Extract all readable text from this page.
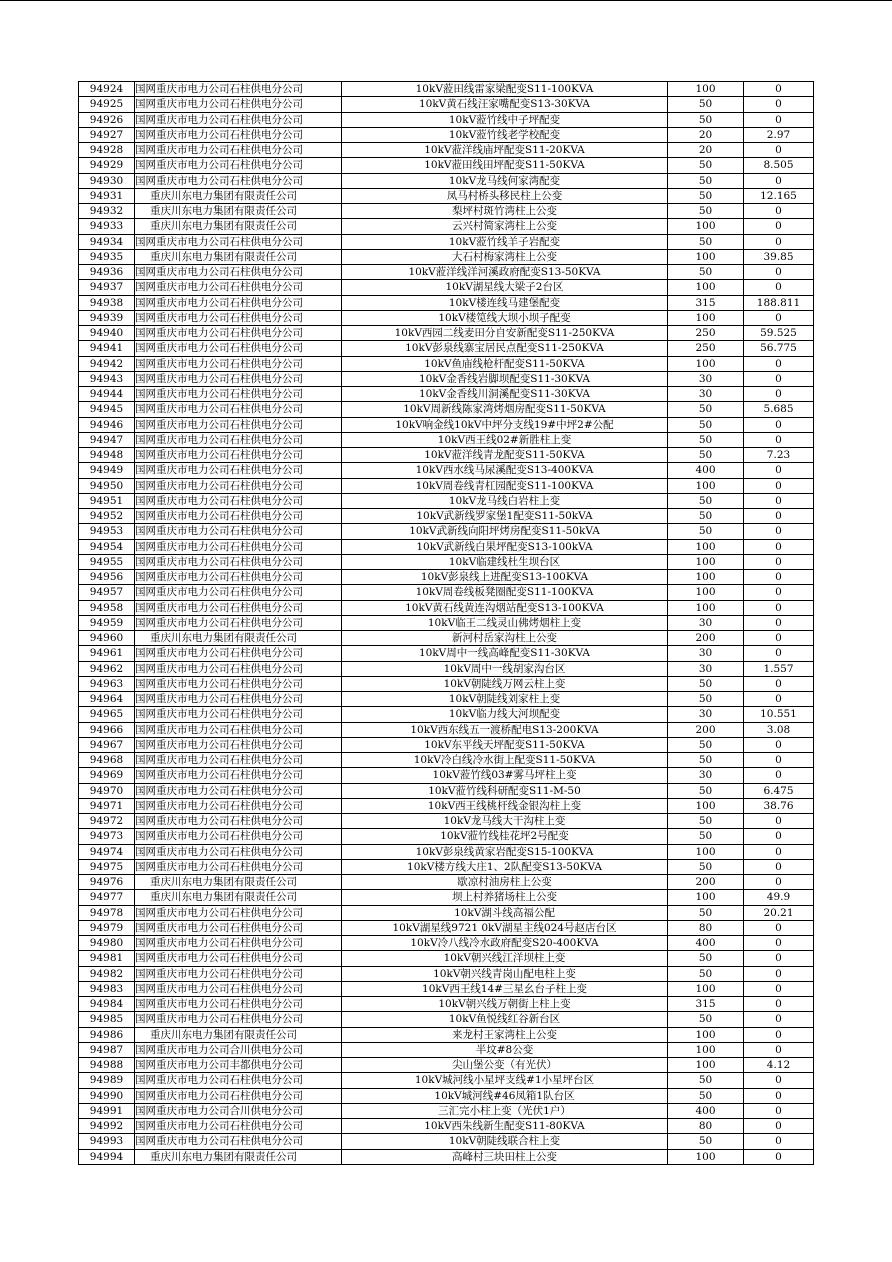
94924	国网重庆市电力公司石柱供电分公司	10kV蒞田线雷家梁配变S11-100KVA	100	0
94925	国网重庆市电力公司石柱供电分公司	10kV黄石线汪家嘴配变S13-30KVA	50	0
94926	国网重庆市电力公司石柱供电分公司	10kV蒞竹线中子坪配变	50	0
94927	国网重庆市电力公司石柱供电分公司	10kV蒞竹线老学校配变	20	2.97
94928	国网重庆市电力公司石柱供电分公司	10kV蒞洋线庙坪配变S11-20KVA	20	0
94929	国网重庆市电力公司石柱供电分公司	10kV蒞田线田坪配变S11-50KVA	50	8.505
94930	国网重庆市电力公司石柱供电分公司	10kV龙马线何家湾配变	50	0
94931	重庆川东电力集团有限责任公司	凤马村桥头移民柱上公变	50	12.165
94932	重庆川东电力集团有限责任公司	梨坪村斑竹湾柱上公变	50	0
94933	重庆川东电力集团有限责任公司	云兴村简家湾柱上公变	100	0
94934	国网重庆市电力公司石柱供电分公司	10kV蒞竹线羊子岩配变	50	0
94935	重庆川东电力集团有限责任公司	大石村梅家湾柱上公变	100	39.85
94936	国网重庆市电力公司石柱供电分公司	10kV蒞洋线洋河溪政府配变S13-50KVA	50	0
94937	国网重庆市电力公司石柱供电分公司	10kV湖星线大梁子2台区	100	0
94938	国网重庆市电力公司石柱供电分公司	10kV楼连线马建堡配变	315	188.811
94939	国网重庆市电力公司石柱供电分公司	10kV楼笕线大坝小坝子配变	100	0
94940	国网重庆市电力公司石柱供电分公司	10kV西园二线麦田分自安新配变S11-250KVA	250	59.525
94941	国网重庆市电力公司石柱供电分公司	10kV彭泉线寨宝居民点配变S11-250KVA	250	56.775
94942	国网重庆市电力公司石柱供电分公司	10kV鱼庙线枪杆配变S11-50KVA	100	0
94943	国网重庆市电力公司石柱供电分公司	10kV金香线岩脚坝配变S11-30KVA	30	0
94944	国网重庆市电力公司石柱供电分公司	10kV金香线川洞溪配变S11-30KVA	30	0
94945	国网重庆市电力公司石柱供电分公司	10kV周新线陈家湾烤烟房配变S11-50KVA	50	5.685
94946	国网重庆市电力公司石柱供电分公司	10kV响金线10kV中坪分支线19#中坪2#公配	50	0
94947	国网重庆市电力公司石柱供电分公司	10kV西王线02#新胜柱上变	50	0
94948	国网重庆市电力公司石柱供电分公司	10kV蒞洋线青龙配变S11-50KVA	50	7.23
94949	国网重庆市电力公司石柱供电分公司	10kV西水线马尿溪配变S13-400KVA	400	0
94950	国网重庆市电力公司石柱供电分公司	10kV周卷线青杠园配变S11-100KVA	100	0
94951	国网重庆市电力公司石柱供电分公司	10kV龙马线白岩柱上变	50	0
94952	国网重庆市电力公司石柱供电分公司	10kV武新线罗家堡1配变S11-50kVA	50	0
94953	国网重庆市电力公司石柱供电分公司	10kV武新线向阳坪烤房配变S11-50kVA	50	0
94954	国网重庆市电力公司石柱供电分公司	10kV武新线白果坪配变S13-100kVA	100	0
94955	国网重庆市电力公司石柱供电分公司	10kV临建线杜生坝台区	100	0
94956	国网重庆市电力公司石柱供电分公司	10kV彭泉线上进配变S13-100KVA	100	0
94957	国网重庆市电力公司石柱供电分公司	10kV周卷线板凳圈配变S11-100KVA	100	0
94958	国网重庆市电力公司石柱供电分公司	10kV黄石线黄连沟烟站配变S13-100KVA	100	0
94959	国网重庆市电力公司石柱供电分公司	10kV临王二线灵山佛烤烟柱上变	30	0
94960	重庆川东电力集团有限责任公司	新河村岳家沟柱上公变	200	0
94961	国网重庆市电力公司石柱供电分公司	10kV周中一线高峰配变S11-30KVA	30	0
94962	国网重庆市电力公司石柱供电分公司	10kV周中一线胡家沟台区	30	1.557
94963	国网重庆市电力公司石柱供电分公司	10kV朝陡线万网云柱上变	50	0
94964	国网重庆市电力公司石柱供电分公司	10kV朝陡线刘家柱上变	50	0
94965	国网重庆市电力公司石柱供电分公司	10kV临力线大河坝配变	30	10.551
94966	国网重庆市电力公司石柱供电分公司	10kV西东线五一渡桥配电S13-200KVA	200	3.08
94967	国网重庆市电力公司石柱供电分公司	10kV东平线天坪配变S11-50KVA	50	0
94968	国网重庆市电力公司石柱供电分公司	10kV冷白线冷水街上配变S11-50KVA	50	0
94969	国网重庆市电力公司石柱供电分公司	10kV蒞竹线03#雾马坪柱上变	30	0
94970	国网重庆市电力公司石柱供电分公司	10kV蒞竹线科研配变S11-M-50	50	6.475
94971	国网重庆市电力公司石柱供电分公司	10kV西王线桃杆线金银沟柱上变	100	38.76
94972	国网重庆市电力公司石柱供电分公司	10kV龙马线大干沟柱上变	50	0
94973	国网重庆市电力公司石柱供电分公司	10kV蒞竹线桂花坪2号配变	50	0
94974	国网重庆市电力公司石柱供电分公司	10kV彭泉线黄家岩配变S15-100KVA	100	0
94975	国网重庆市电力公司石柱供电分公司	10kV楼方线大庄1、2队配变S13-50KVA	50	0
94976	重庆川东电力集团有限责任公司	歇凉村油房柱上公变	200	0
94977	重庆川东电力集团有限责任公司	坝上村养猪场柱上公变	100	49.9
94978	国网重庆市电力公司石柱供电分公司	10kV湖斗线高福公配	50	20.21
94979	国网重庆市电力公司石柱供电分公司	10kV湖星线9721 0kV湖星主线024号赵店台区	80	0
94980	国网重庆市电力公司石柱供电分公司	10kV冷八线冷水政府配变S20-400KVA	400	0
94981	国网重庆市电力公司石柱供电分公司	10kV朝兴线江洋坝柱上变	50	0
94982	国网重庆市电力公司石柱供电分公司	10kV朝兴线青岗山配电柱上变	50	0
94983	国网重庆市电力公司石柱供电分公司	10kV西王线14#三星幺台子柱上变	100	0
94984	国网重庆市电力公司石柱供电分公司	10kV朝兴线万朝街上柱上变	315	0
94985	国网重庆市电力公司石柱供电分公司	10kV鱼悦线红谷新台区	50	0
94986	重庆川东电力集团有限责任公司	来龙村王家湾柱上公变	100	0
94987	国网重庆市电力公司合川供电分公司	半坟#8公变	100	0
94988	国网重庆市电力公司丰都供电分公司	尖山堡公变（有光伏）	100	4.12
94989	国网重庆市电力公司石柱供电分公司	10kV城河线小星坪支线#1小星坪台区	50	0
94990	国网重庆市电力公司石柱供电分公司	10kV城河线#46凤箱1队台区	50	0
94991	国网重庆市电力公司合川供电分公司	三汇完小柱上变（光伏1户）	400	0
94992	国网重庆市电力公司石柱供电分公司	10kV西朱线新生配变S11-80KVA	80	0
94993	国网重庆市电力公司石柱供电分公司	10kV朝陡线联合柱上变	50	0
94994	重庆川东电力集团有限责任公司	高峰村三块田柱上公变	100	0
